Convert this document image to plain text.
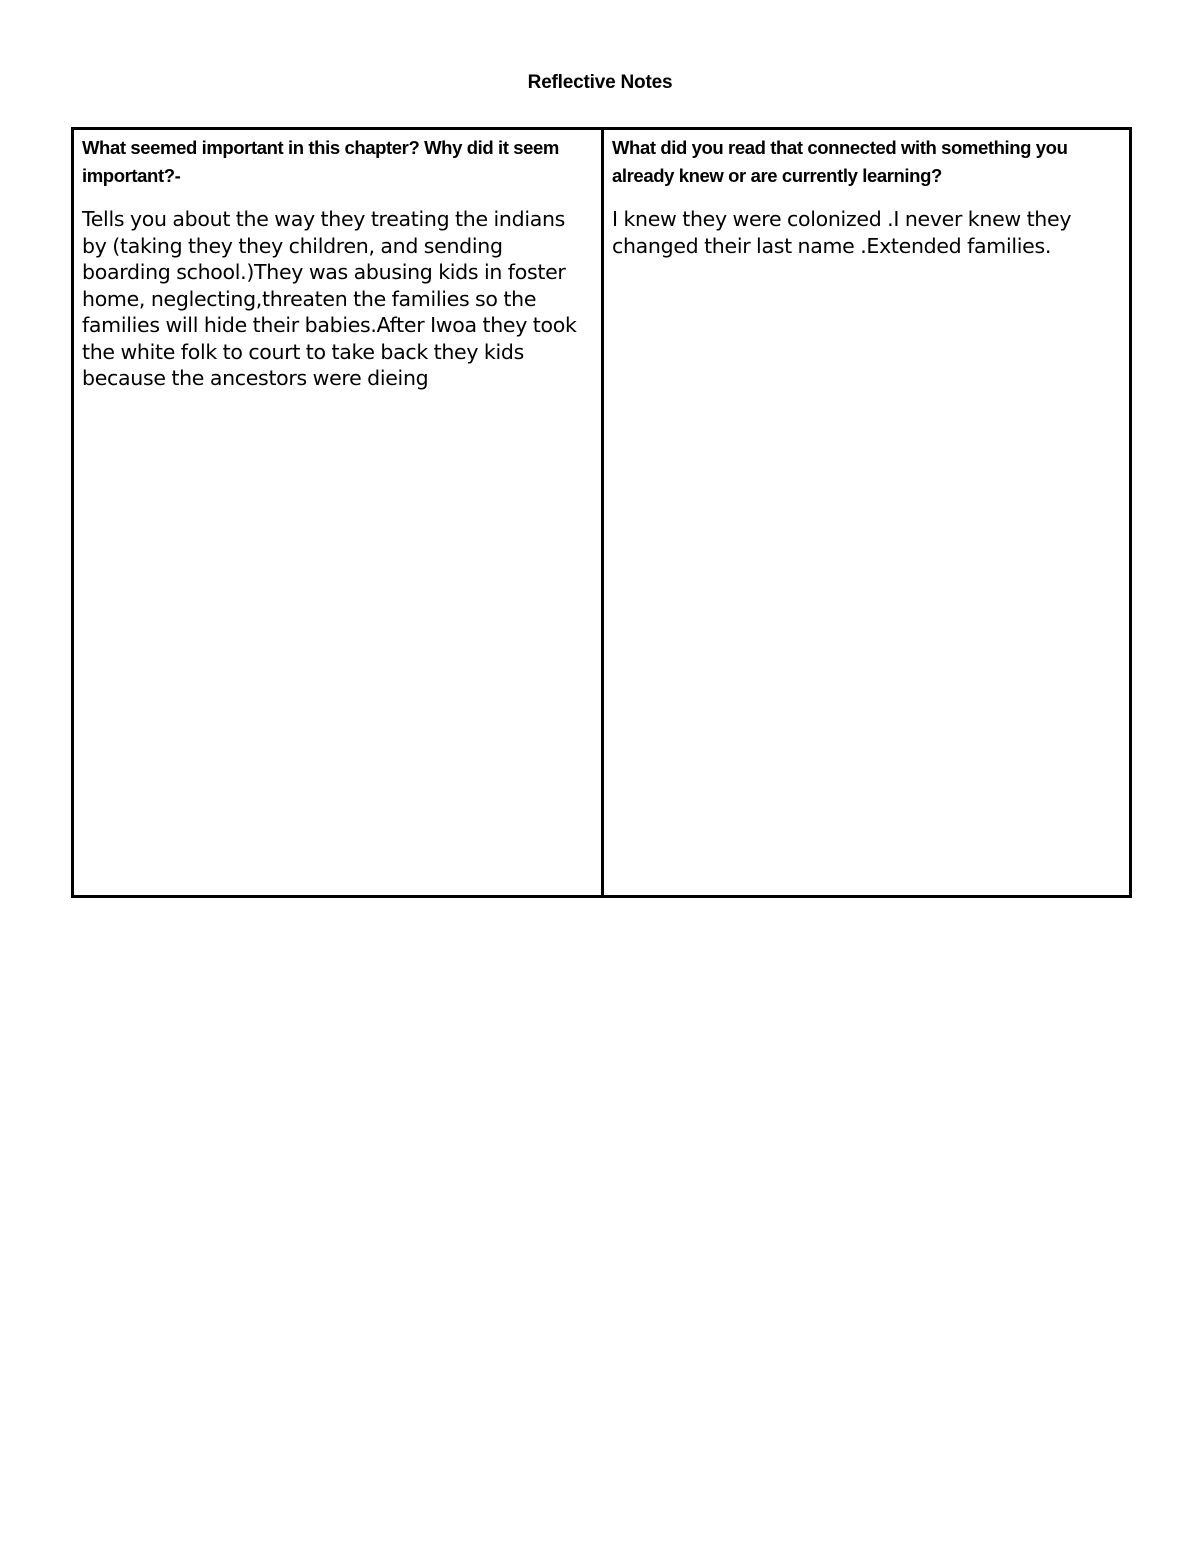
Reflective Notes

What seemed important in this chapter? Why did it seem important?-

Tells you about the way they treating the indians by (taking they they children, and sending boarding school.)They was abusing kids in foster home, neglecting,threaten the families so the families will hide their babies.After Iwoa they took the white folk to court to take back they kids because the ancestors were dieing

What did you read that connected with something you already knew or are currently learning?

I knew they were colonized .I never knew they changed their last name .Extended families.
